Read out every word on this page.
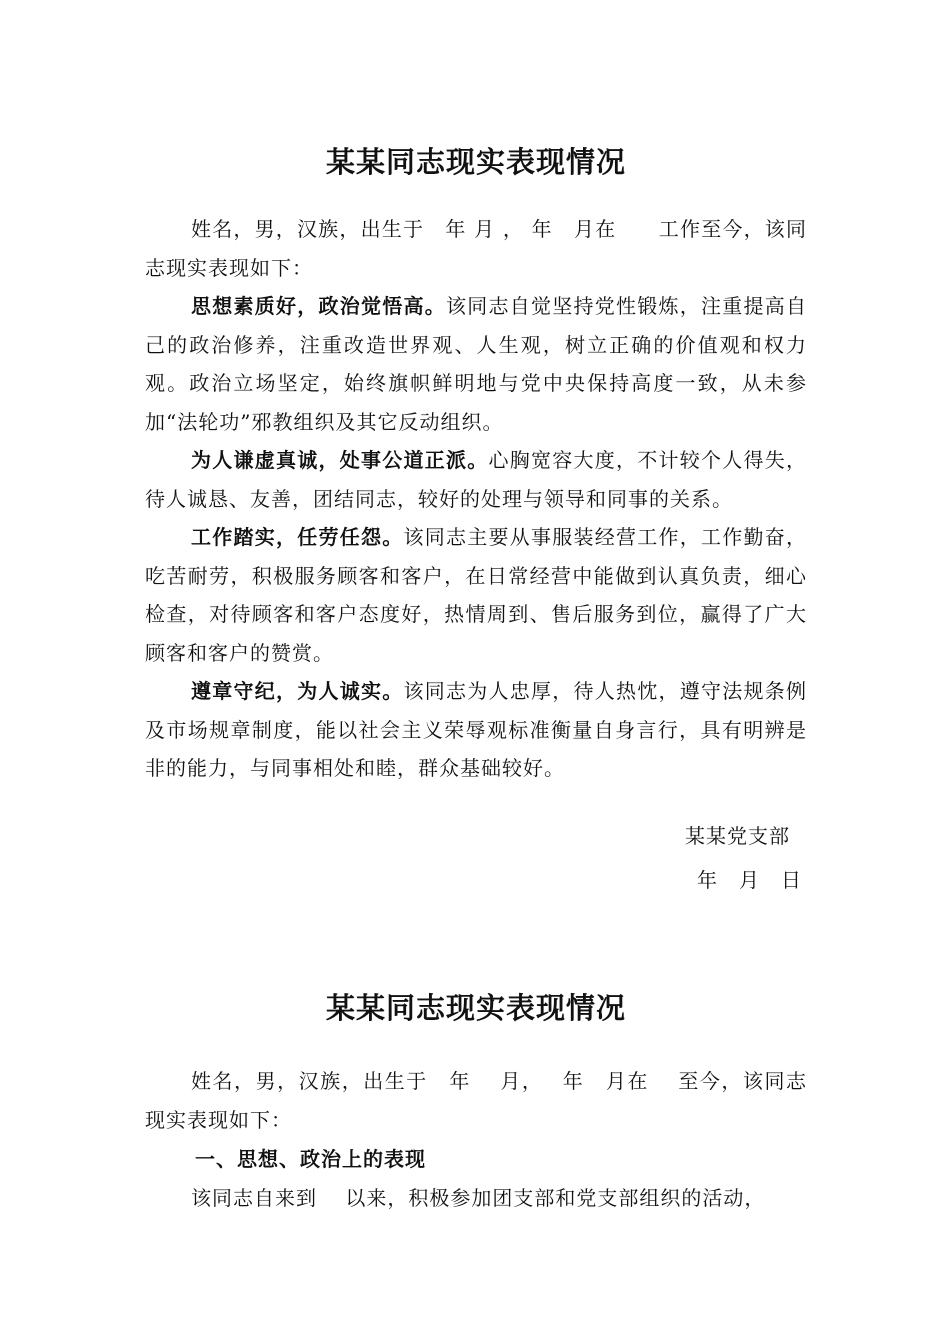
某某同志现实表现情况

姓名，男，汉族，出生于　年 月 ， 年　月在　　工作至今，该同志现实表现如下：

思想素质好，政治觉悟高。该同志自觉坚持党性锻炼，注重提高自己的政治修养，注重改造世界观、人生观，树立正确的价值观和权力观。政治立场坚定，始终旗帜鲜明地与党中央保持高度一致，从未参加“法轮功”邪教组织及其它反动组织。

为人谦虚真诚，处事公道正派。心胸宽容大度，不计较个人得失，待人诚恳、友善，团结同志，较好的处理与领导和同事的关系。

工作踏实，任劳任怨。该同志主要从事服装经营工作，工作勤奋，吃苦耐劳，积极服务顾客和客户，在日常经营中能做到认真负责，细心检查，对待顾客和客户态度好，热情周到、售后服务到位，赢得了广大顾客和客户的赞赏。

遵章守纪，为人诚实。该同志为人忠厚，待人热忱，遵守法规条例及市场规章制度，能以社会主义荣辱观标准衡量自身言行，具有明辨是非的能力，与同事相处和睦，群众基础较好。

某某党支部
年　月　日
某某同志现实表现情况

姓名，男，汉族，出生于　年　 月，　 年　月在　 至今，该同志现实表现如下：

一、思想、政治上的表现

该同志自来到　 以来，积极参加团支部和党支部组织的活动，
